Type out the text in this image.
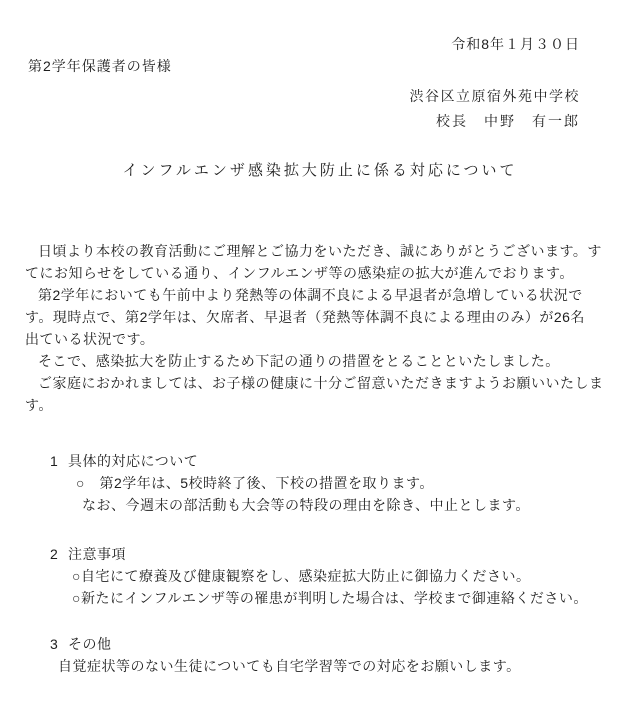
令和8年１月３０日
第2学年保護者の皆様
渋谷区立原宿外苑中学校
校長　中野　有一郎
インフルエンザ感染拡大防止に係る対応について
日頃より本校の教育活動にご理解とご協力をいただき、誠にありがとうございます。す
てにお知らせをしている通り、インフルエンザ等の感染症の拡大が進んでおります。
第2学年においても午前中より発熱等の体調不良による早退者が急増している状況で
す。現時点で、第2学年は、欠席者、早退者（発熱等体調不良による理由のみ）が26名
出ている状況です。
そこで、感染拡大を防止するため下記の通りの措置をとることといたしました。
ご家庭におかれましては、お子様の健康に十分ご留意いただきますようお願いいたしま
す。
1 具体的対応について
○　第2学年は、5校時終了後、下校の措置を取ります。
なお、今週末の部活動も大会等の特段の理由を除き、中止とします。
2 注意事項
○自宅にて療養及び健康観察をし、感染症拡大防止に御協力ください。
○新たにインフルエンザ等の罹患が判明した場合は、学校まで御連絡ください。
3 その他
自覚症状等のない生徒についても自宅学習等での対応をお願いします。
